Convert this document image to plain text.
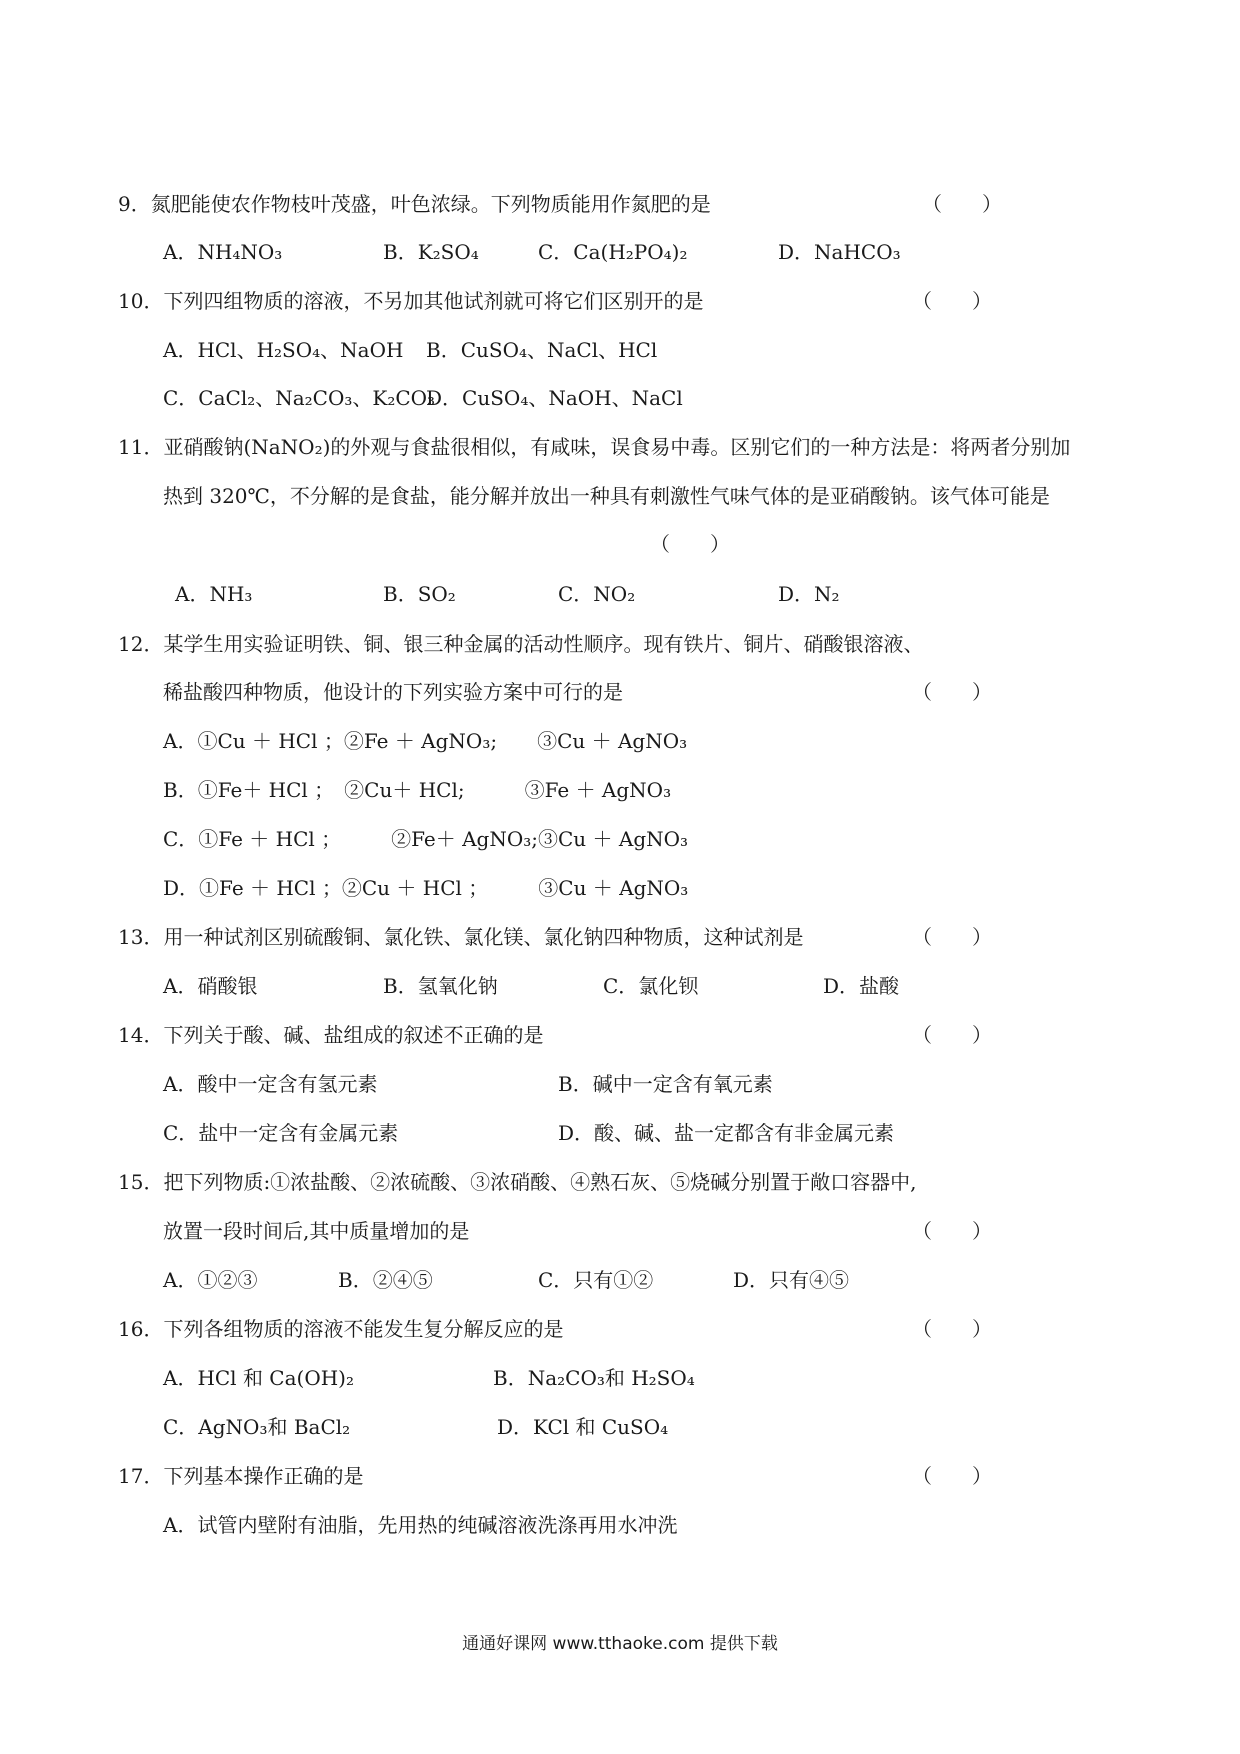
9．氮肥能使农作物枝叶茂盛，叶色浓绿。下列物质能用作氮肥的是	（　　）
A．NH₄NO₃	B．K₂SO₄	C．Ca(H₂PO₄)₂	D．NaHCO₃
10．下列四组物质的溶液，不另加其他试剂就可将它们区别开的是	（　　）
A．HCl、H₂SO₄、NaOH B．CuSO₄、NaCl、HCl
C．CaCl₂、Na₂CO₃、K₂CO₃
D．CuSO₄、NaOH、NaCl
11．亚硝酸钠(NaNO₂)的外观与食盐很相似，有咸味，误食易中毒。区别它们的一种方法是：将两者分别加
热到 320℃，不分解的是食盐，能分解并放出一种具有刺激性气味气体的是亚硝酸钠。该气体可能是
（　　）
A．NH₃	B．SO₂	C．NO₂	D．N₂
12．某学生用实验证明铁、铜、银三种金属的活动性顺序。现有铁片、铜片、硝酸银溶液、
稀盐酸四种物质，他设计的下列实验方案中可行的是	（　　）
A．①Cu ＋ HCl ；②Fe ＋ AgNO₃;　　③Cu ＋ AgNO₃
B．①Fe＋ HCl ；　②Cu＋ HCl;　　　③Fe ＋ AgNO₃
C．①Fe ＋ HCl ；　　　②Fe＋ AgNO₃;③Cu ＋ AgNO₃
D．①Fe ＋ HCl ；②Cu ＋ HCl ；　　　③Cu ＋ AgNO₃
13．用一种试剂区别硫酸铜、氯化铁、氯化镁、氯化钠四种物质，这种试剂是	（　　）
A．硝酸银	B．氢氧化钠	C．氯化钡	D．盐酸
14．下列关于酸、碱、盐组成的叙述不正确的是	（　　）
A．酸中一定含有氢元素	B．碱中一定含有氧元素
C．盐中一定含有金属元素	D．酸、碱、盐一定都含有非金属元素
15．把下列物质:①浓盐酸、②浓硫酸、③浓硝酸、④熟石灰、⑤烧碱分别置于敞口容器中,
放置一段时间后,其中质量增加的是	（　　）
A．①②③	B．②④⑤	C．只有①②	D．只有④⑤
16．下列各组物质的溶液不能发生复分解反应的是	（　　）
A．HCl 和 Ca(OH)₂	B．Na₂CO₃和 H₂SO₄
C．AgNO₃和 BaCl₂	D．KCl 和 CuSO₄
17．下列基本操作正确的是	（　　）
A．试管内壁附有油脂，先用热的纯碱溶液洗涤再用水冲洗
通通好课网 www.tthaoke.com 提供下载
